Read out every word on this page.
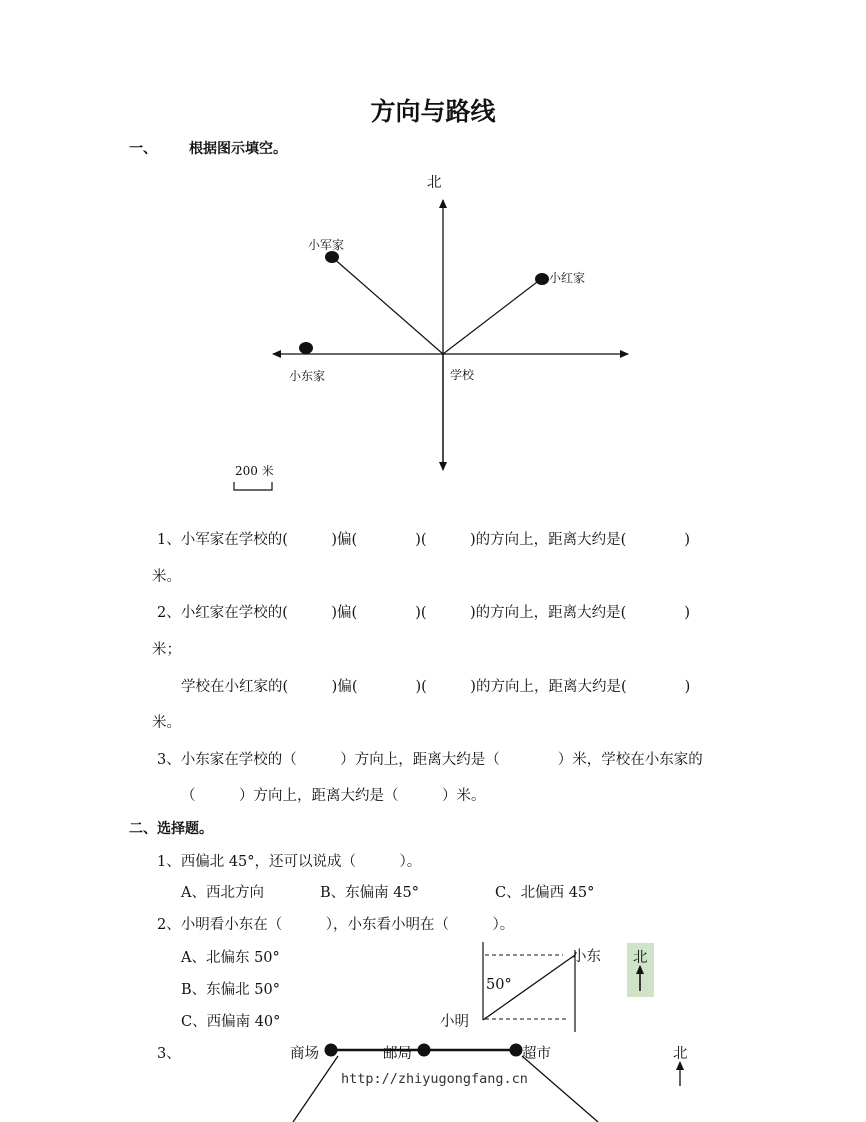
方向与路线
一、 根据图示填空。
北
小军家
小红家
小东家	学校
200 米
1、小军家在学校的(　　　)偏(　　　　)(　　　)的方向上，距离大约是(　　　　)
米。
2、小红家在学校的(　　　)偏(　　　　)(　　　)的方向上，距离大约是(　　　　)
米；
学校在小红家的(　　　)偏(　　　　)(　　　)的方向上，距离大约是(　　　　)
米。
3、小东家在学校的（　　　）方向上，距离大约是（　　　　）米，学校在小东家的
（　　　）方向上，距离大约是（　　　）米。
二、选择题。
1、西偏北 45°，还可以说成（　　　）。
A、西北方向	B、东偏南 45°	C、北偏西 45°
2、小明看小东在（　　　），小东看小明在（　　　）。
A、北偏东 50°
B、东偏北 50°
C、西偏南 40°
小东
小明
50°
北
3、	商场	邮局	超市	北
http://zhiyugongfang.cn
